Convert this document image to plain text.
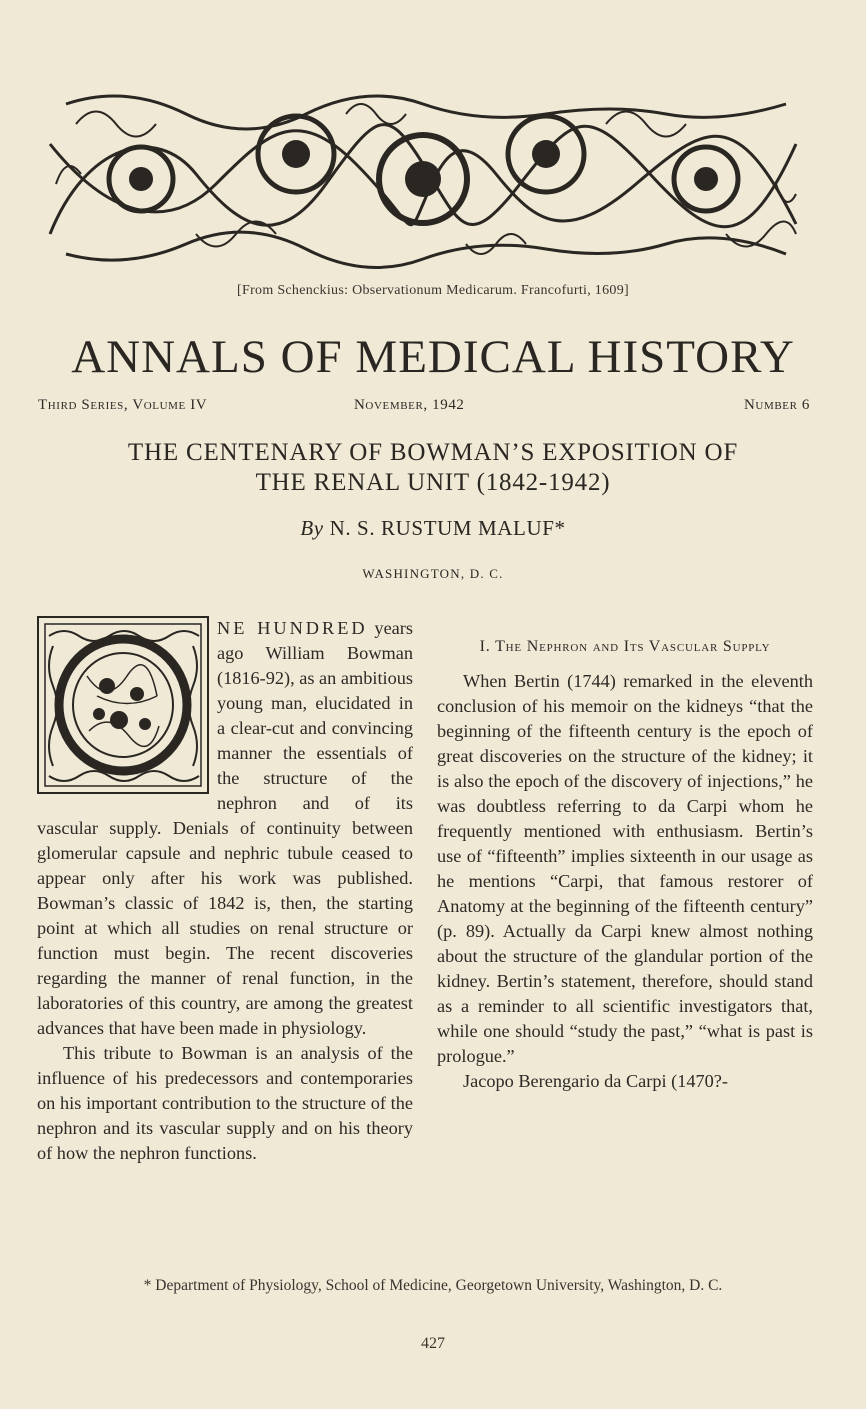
[From Schenckius: Observationum Medicarum. Francofurti, 1609]
ANNALS OF MEDICAL HISTORY
Third Series, Volume IV	November, 1942	Number 6
THE CENTENARY OF BOWMAN’S EXPOSITION OF
THE RENAL UNIT (1842-1942)
By N. S. RUSTUM MALUF*
WASHINGTON, D. C.

NE HUNDRED years ago William Bowman (1816-92), as an ambitious young man, elucidated in a clear-cut and convincing manner the essentials of the structure of the nephron and of its vascular supply. Denials of continuity between glomerular capsule and nephric tubule ceased to appear only after his work was published. Bowman’s classic of 1842 is, then, the starting point at which all studies on renal structure or function must begin. The recent discoveries regarding the manner of renal function, in the laboratories of this country, are among the greatest advances that have been made in physiology.

This tribute to Bowman is an analysis of the influence of his predecessors and contemporaries on his important contribution to the structure of the nephron and its vascular supply and on his theory of how the nephron functions.

I. The Nephron and Its Vascular Supply

When Bertin (1744) remarked in the eleventh conclusion of his memoir on the kidneys “that the beginning of the fifteenth century is the epoch of great discoveries on the structure of the kidney; it is also the epoch of the discovery of injections,” he was doubtless referring to da Carpi whom he frequently mentioned with enthusiasm. Bertin’s use of “fifteenth” implies sixteenth in our usage as he mentions “Carpi, that famous restorer of Anatomy at the beginning of the fifteenth century” (p. 89). Actually da Carpi knew almost nothing about the structure of the glandular portion of the kidney. Bertin’s statement, therefore, should stand as a reminder to all scientific investigators that, while one should “study the past,” “what is past is prologue.”

Jacopo Berengario da Carpi (1470?-

* Department of Physiology, School of Medicine, Georgetown University, Washington, D. C.
427
